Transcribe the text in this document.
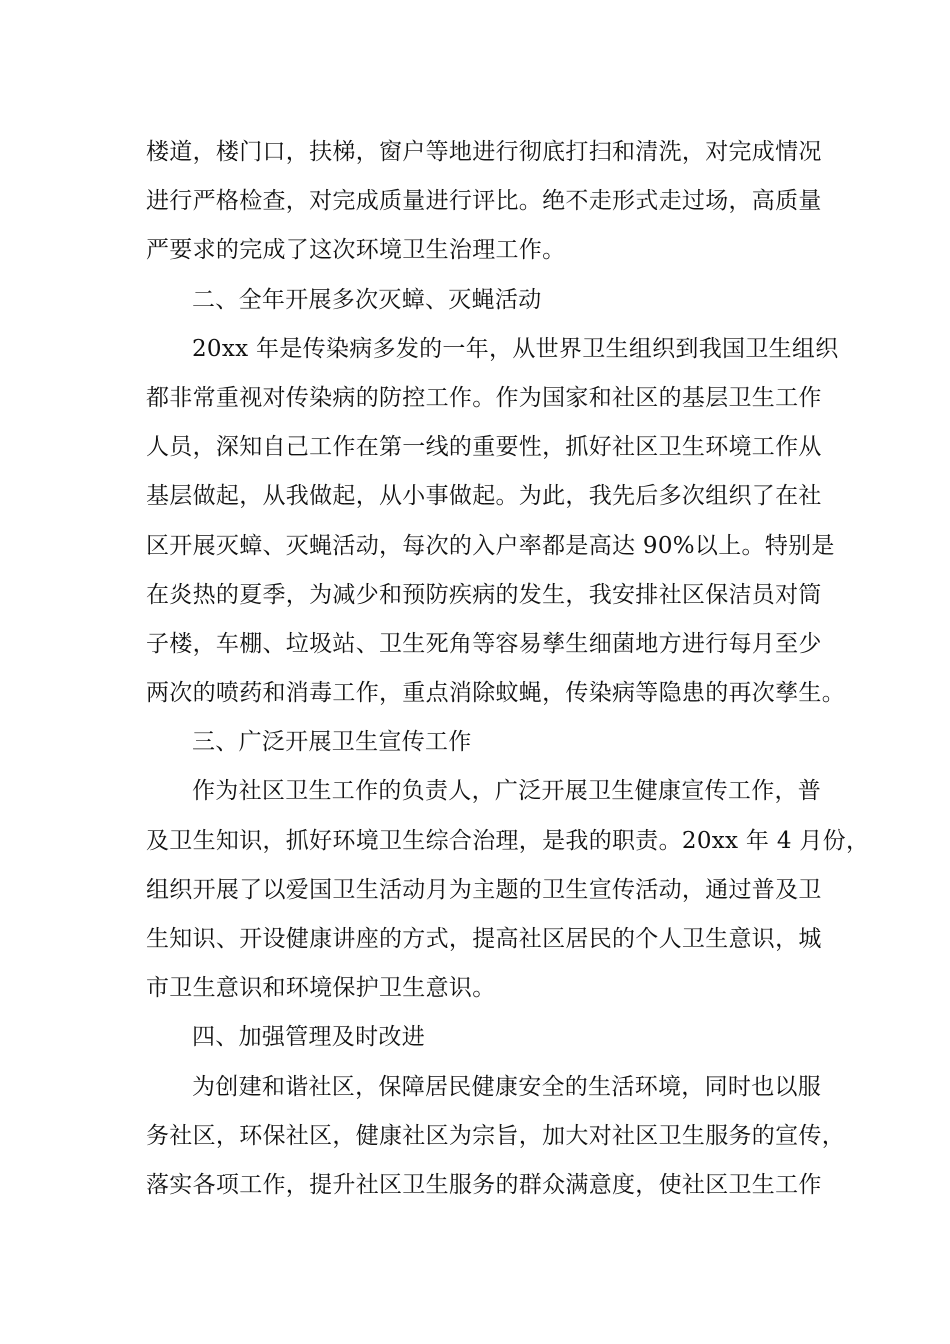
楼道，楼门口，扶梯，窗户等地进行彻底打扫和清洗，对完成情况
进行严格检查，对完成质量进行评比。绝不走形式走过场，高质量
严要求的完成了这次环境卫生治理工作。
二、全年开展多次灭蟑、灭蝇活动
20xx 年是传染病多发的一年，从世界卫生组织到我国卫生组织
都非常重视对传染病的防控工作。作为国家和社区的基层卫生工作
人员，深知自己工作在第一线的重要性，抓好社区卫生环境工作从
基层做起，从我做起，从小事做起。为此，我先后多次组织了在社
区开展灭蟑、灭蝇活动，每次的入户率都是高达 90%以上。特别是
在炎热的夏季，为减少和预防疾病的发生，我安排社区保洁员对筒
子楼，车棚、垃圾站、卫生死角等容易孳生细菌地方进行每月至少
两次的喷药和消毒工作，重点消除蚊蝇，传染病等隐患的再次孳生。
三、广泛开展卫生宣传工作
作为社区卫生工作的负责人，广泛开展卫生健康宣传工作，普
及卫生知识，抓好环境卫生综合治理，是我的职责。20xx 年 4 月份，
组织开展了以爱国卫生活动月为主题的卫生宣传活动，通过普及卫
生知识、开设健康讲座的方式，提高社区居民的个人卫生意识，城
市卫生意识和环境保护卫生意识。
四、加强管理及时改进
为创建和谐社区，保障居民健康安全的生活环境，同时也以服
务社区，环保社区，健康社区为宗旨，加大对社区卫生服务的宣传，
落实各项工作，提升社区卫生服务的群众满意度，使社区卫生工作
